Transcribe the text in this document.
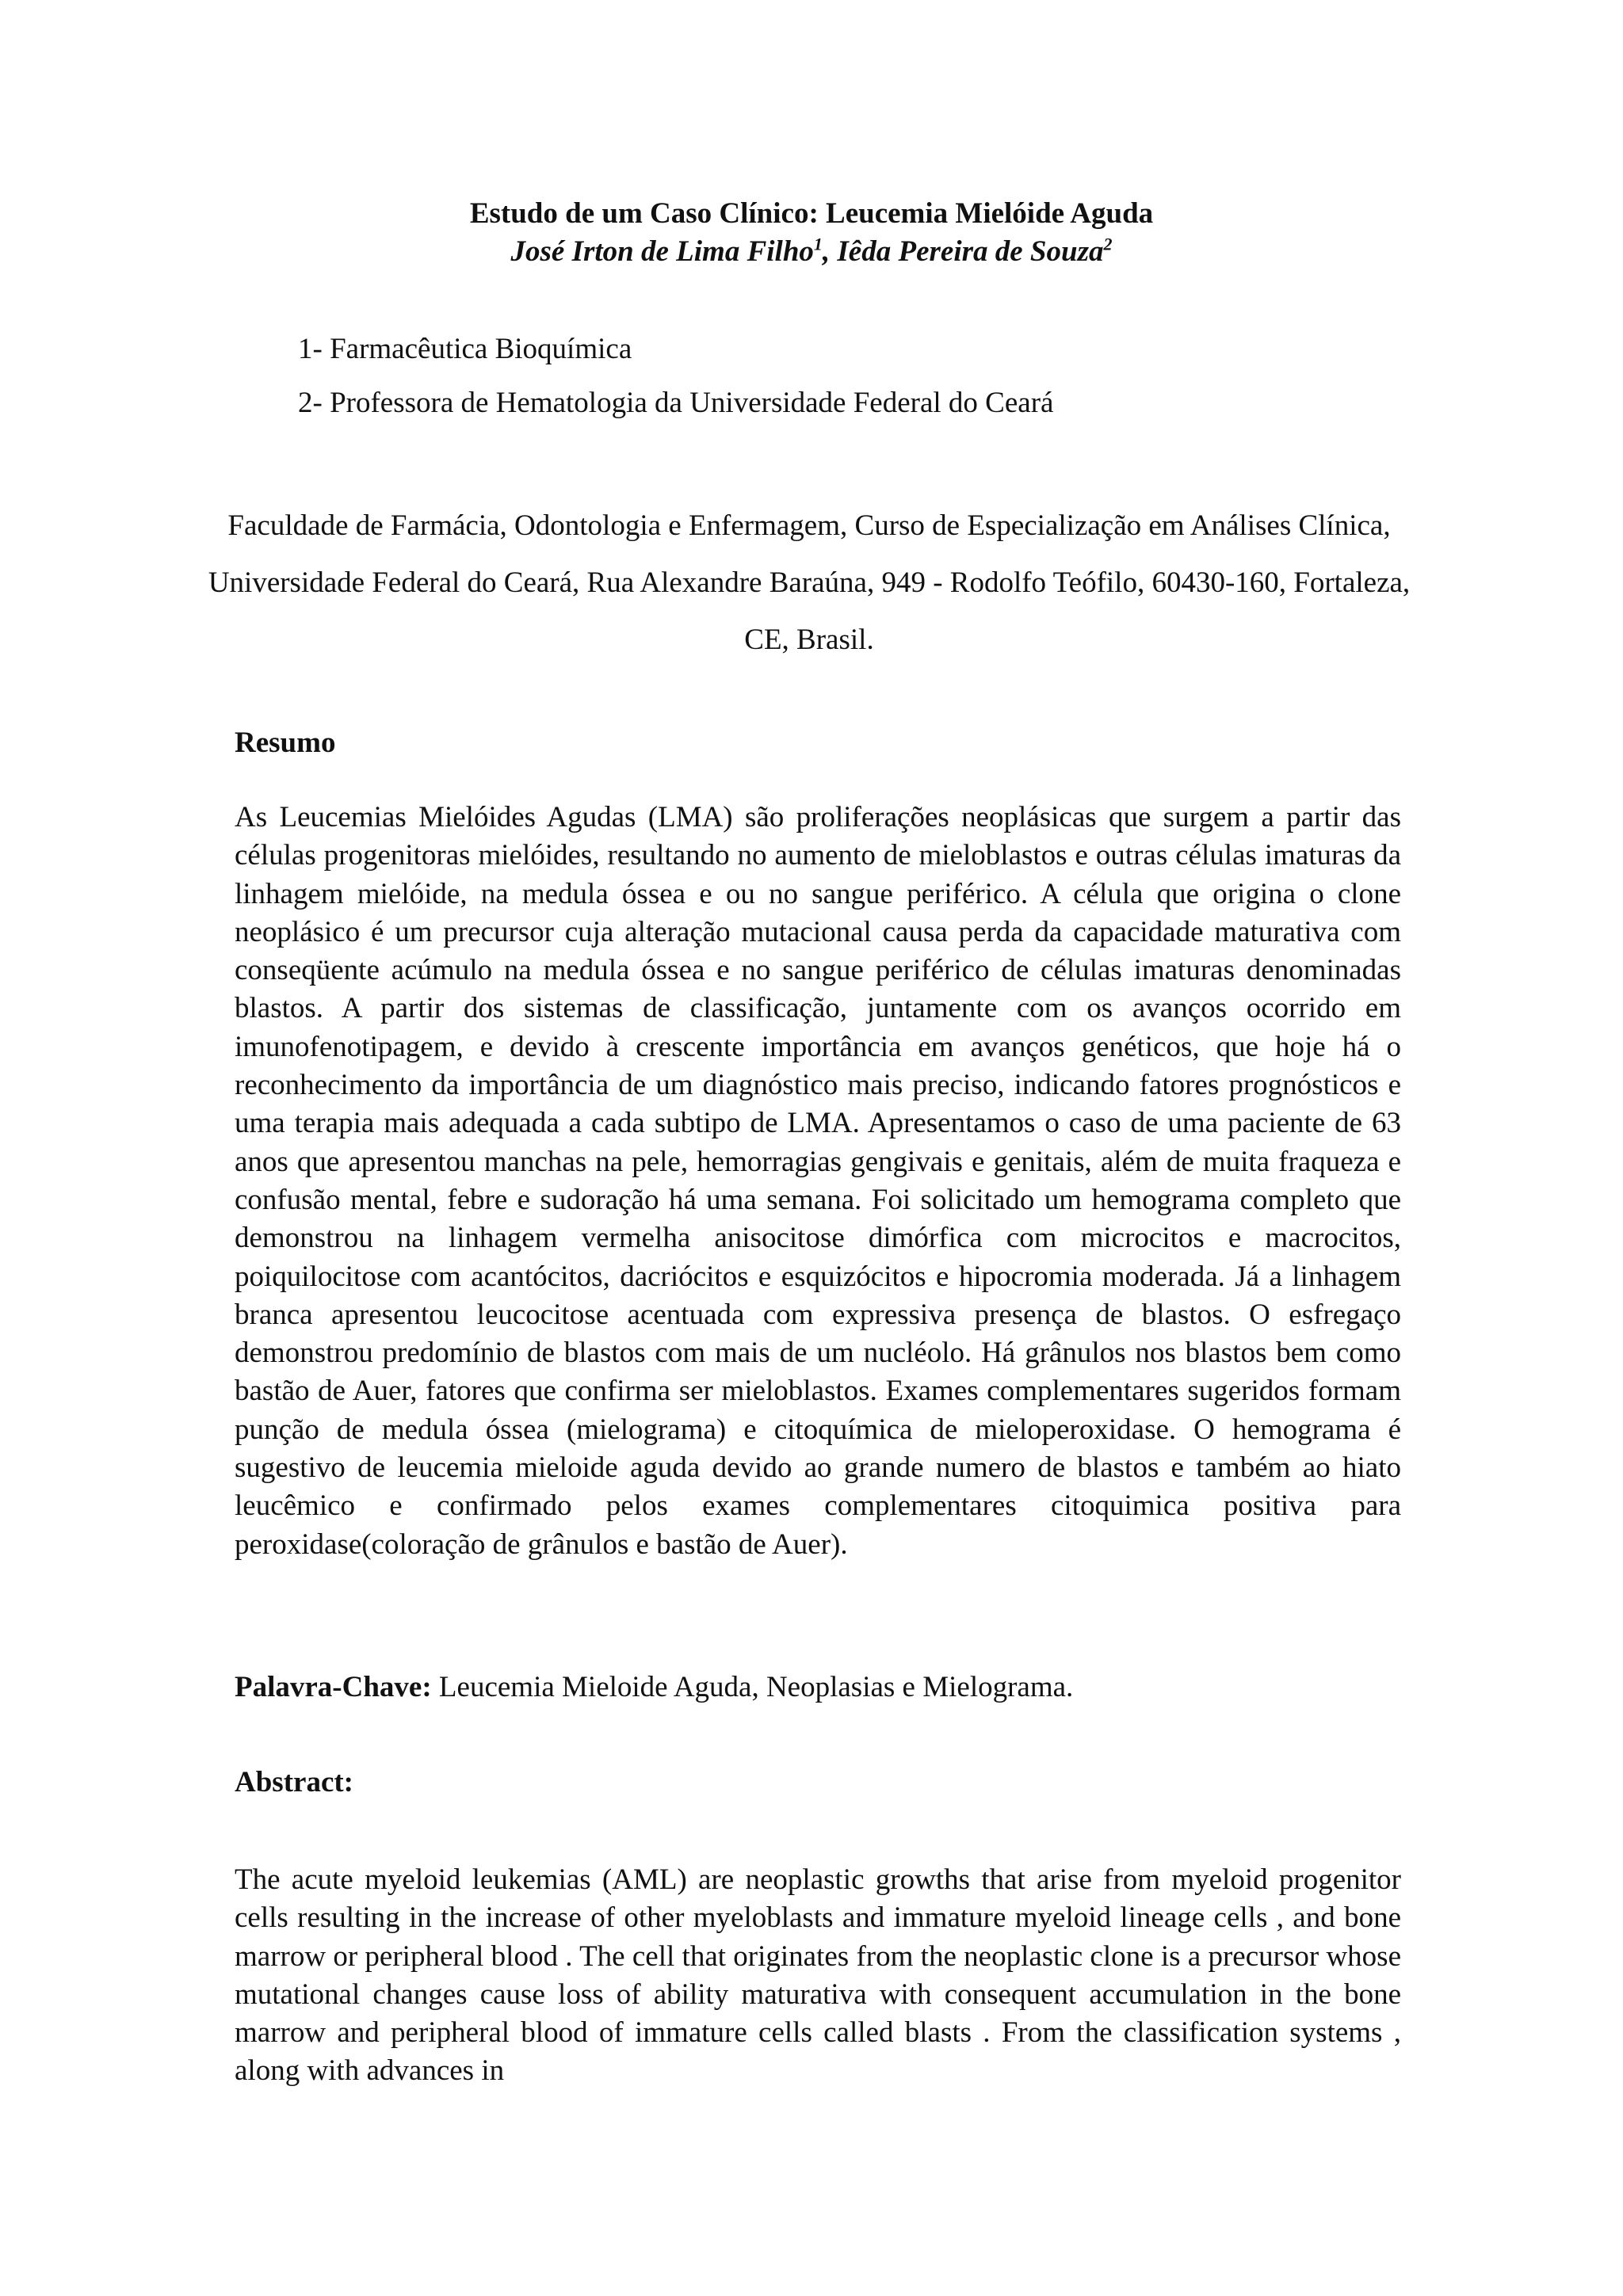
Estudo de um Caso Clínico: Leucemia Mielóide Aguda

José Irton de Lima Filho$^1$, Iêda Pereira de Souza$^2$

1- Farmacêutica Bioquímica

2- Professora de Hematologia da Universidade Federal do Ceará

Faculdade de Farmácia, Odontologia e Enfermagem, Curso de Especialização em Análises Clínica, Universidade Federal do Ceará, Rua Alexandre Baraúna, 949 - Rodolfo Teófilo, 60430-160, Fortaleza, CE, Brasil.

Resumo

As Leucemias Mielóides Agudas (LMA) são proliferações neoplásicas que surgem a partir das células progenitoras mielóides, resultando no aumento de mieloblastos e outras células imaturas da linhagem mielóide, na medula óssea e ou no sangue periférico. A célula que origina o clone neoplásico é um precursor cuja alteração mutacional causa perda da capacidade maturativa com conseqüente acúmulo na medula óssea e no sangue periférico de células imaturas denominadas blastos. A partir dos sistemas de classificação, juntamente com os avanços ocorrido em imunofenotipagem, e devido à crescente importância em avanços genéticos, que hoje há o reconhecimento da importância de um diagnóstico mais preciso, indicando fatores prognósticos e uma terapia mais adequada a cada subtipo de LMA. Apresentamos o caso de uma paciente de 63 anos que apresentou manchas na pele, hemorragias gengivais e genitais, além de muita fraqueza e confusão mental, febre e sudoração há uma semana. Foi solicitado um hemograma completo que demonstrou na linhagem vermelha anisocitose dimórfica com microcitos e macrocitos, poiquilocitose com acantócitos, dacriócitos e esquizócitos e hipocromia moderada. Já a linhagem branca apresentou leucocitose acentuada com expressiva presença de blastos. O esfregaço demonstrou predomínio de blastos com mais de um nucléolo. Há grânulos nos blastos bem como bastão de Auer, fatores que confirma ser mieloblastos. Exames complementares sugeridos formam punção de medula óssea (mielograma) e citoquímica de mieloperoxidase. O hemograma é sugestivo de leucemia mieloide aguda devido ao grande numero de blastos e também ao hiato leucêmico e confirmado pelos exames complementares citoquimica positiva para peroxidase(coloração de grânulos e bastão de Auer).

Palavra-Chave: Leucemia Mieloide Aguda, Neoplasias e Mielograma.

Abstract:

The acute myeloid leukemias (AML) are neoplastic growths that arise from myeloid progenitor cells resulting in the increase of other myeloblasts and immature myeloid lineage cells , and bone marrow or peripheral blood . The cell that originates from the neoplastic clone is a precursor whose mutational changes cause loss of ability maturativa with consequent accumulation in the bone marrow and peripheral blood of immature cells called blasts . From the classification systems , along with advances in
